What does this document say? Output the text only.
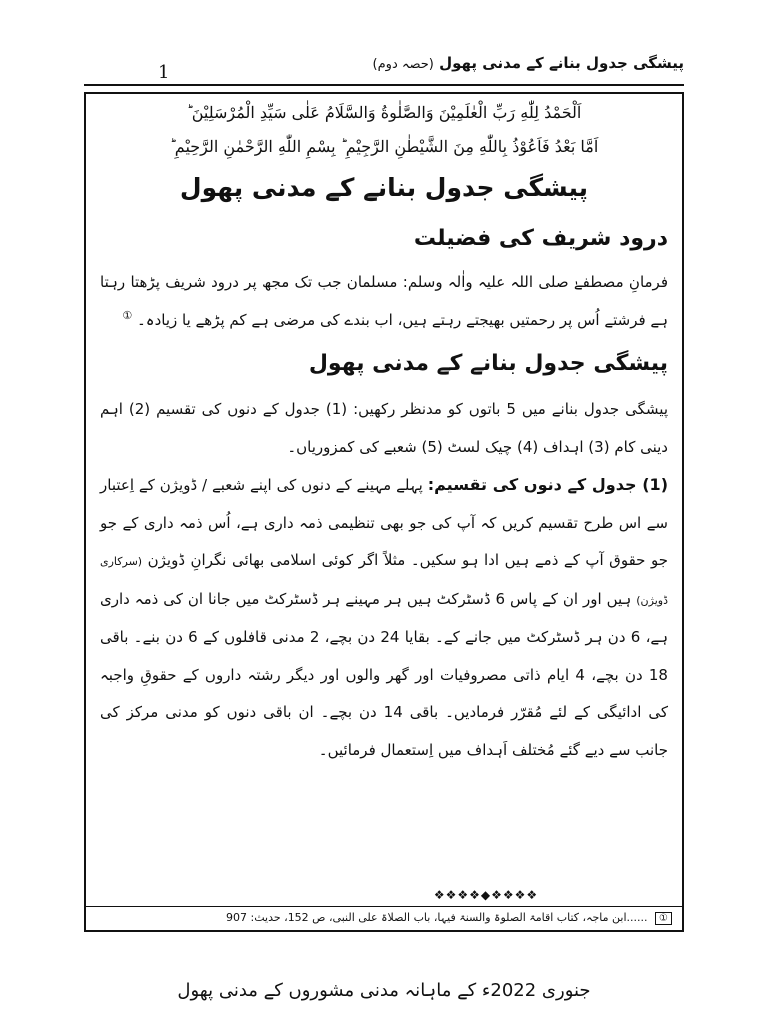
1	پیشگی جدول بنانے کے مدنی پھول (حصہ دوم)

اَلْحَمْدُ لِلّٰهِ رَبِّ الْعٰلَمِیْنَ وَالصَّلٰوةُ وَالسَّلَامُ عَلٰی سَیِّدِ الْمُرْسَلِیْنَ ؕ

اَمَّا بَعْدُ فَاَعُوْذُ بِاللّٰهِ مِنَ الشَّیْطٰنِ الرَّجِیْمِ ؕ بِسْمِ اللّٰهِ الرَّحْمٰنِ الرَّحِیْمِ ؕ

پیشگی جدول بنانے کے مدنی پھول
درود شریف کی فضیلت

فرمانِ مصطفےٰ صلی اللہ علیہ واٰلہ وسلم: مسلمان جب تک مجھ پر درود شریف پڑھتا رہتا ہے فرشتے اُس پر رحمتیں بھیجتے رہتے ہیں، اب بندے کی مرضی ہے کم پڑھے یا زیادہ۔ ①

پیشگی جدول بنانے کے مدنی پھول

پیشگی جدول بنانے میں 5 باتوں کو مدنظر رکھیں: (1) جدول کے دنوں کی تقسیم (2) اہم دینی کام (3) اہداف (4) چیک لسٹ (5) شعبے کی کمزوریاں۔

(1) جدول کے دنوں کی تقسیم: پہلے مہینے کے دنوں کی اپنے شعبے / ڈویژن کے اِعتبار سے اس طرح تقسیم کریں کہ آپ کی جو بھی تنظیمی ذمہ داری ہے، اُس ذمہ داری کے جو جو حقوق آپ کے ذمے ہیں ادا ہو سکیں۔ مثلاً اگر کوئی اسلامی بھائی نگرانِ ڈویژن (سرکاری ڈویژن) ہیں اور ان کے پاس 6 ڈسٹرکٹ ہیں ہر مہینے ہر ڈسٹرکٹ میں جانا ان کی ذمہ داری ہے، 6 دن ہر ڈسٹرکٹ میں جانے کے۔ بقایا 24 دن بچے، 2 مدنی قافلوں کے 6 دن بنے۔ باقی 18 دن بچے، 4 ایام ذاتی مصروفیات اور گھر والوں اور دیگر رشتہ داروں کے حقوقِ واجبہ کی ادائیگی کے لئے مُقرّر فرمادیں۔ باقی 14 دن بچے۔ ان باقی دنوں کو مدنی مرکز کی جانب سے دیے گئے مُختلف اَہداف میں اِستعمال فرمائیں۔

❖❖❖❖◆❖❖❖❖
① ......ابن ماجہ، کتاب اقامۃ الصلوۃ والسنۃ فیہا، باب الصلاۃ علی النبی، ص 152، حدیث: 907
جنوری 2022ء کے ماہانہ مدنی مشوروں کے مدنی پھول
